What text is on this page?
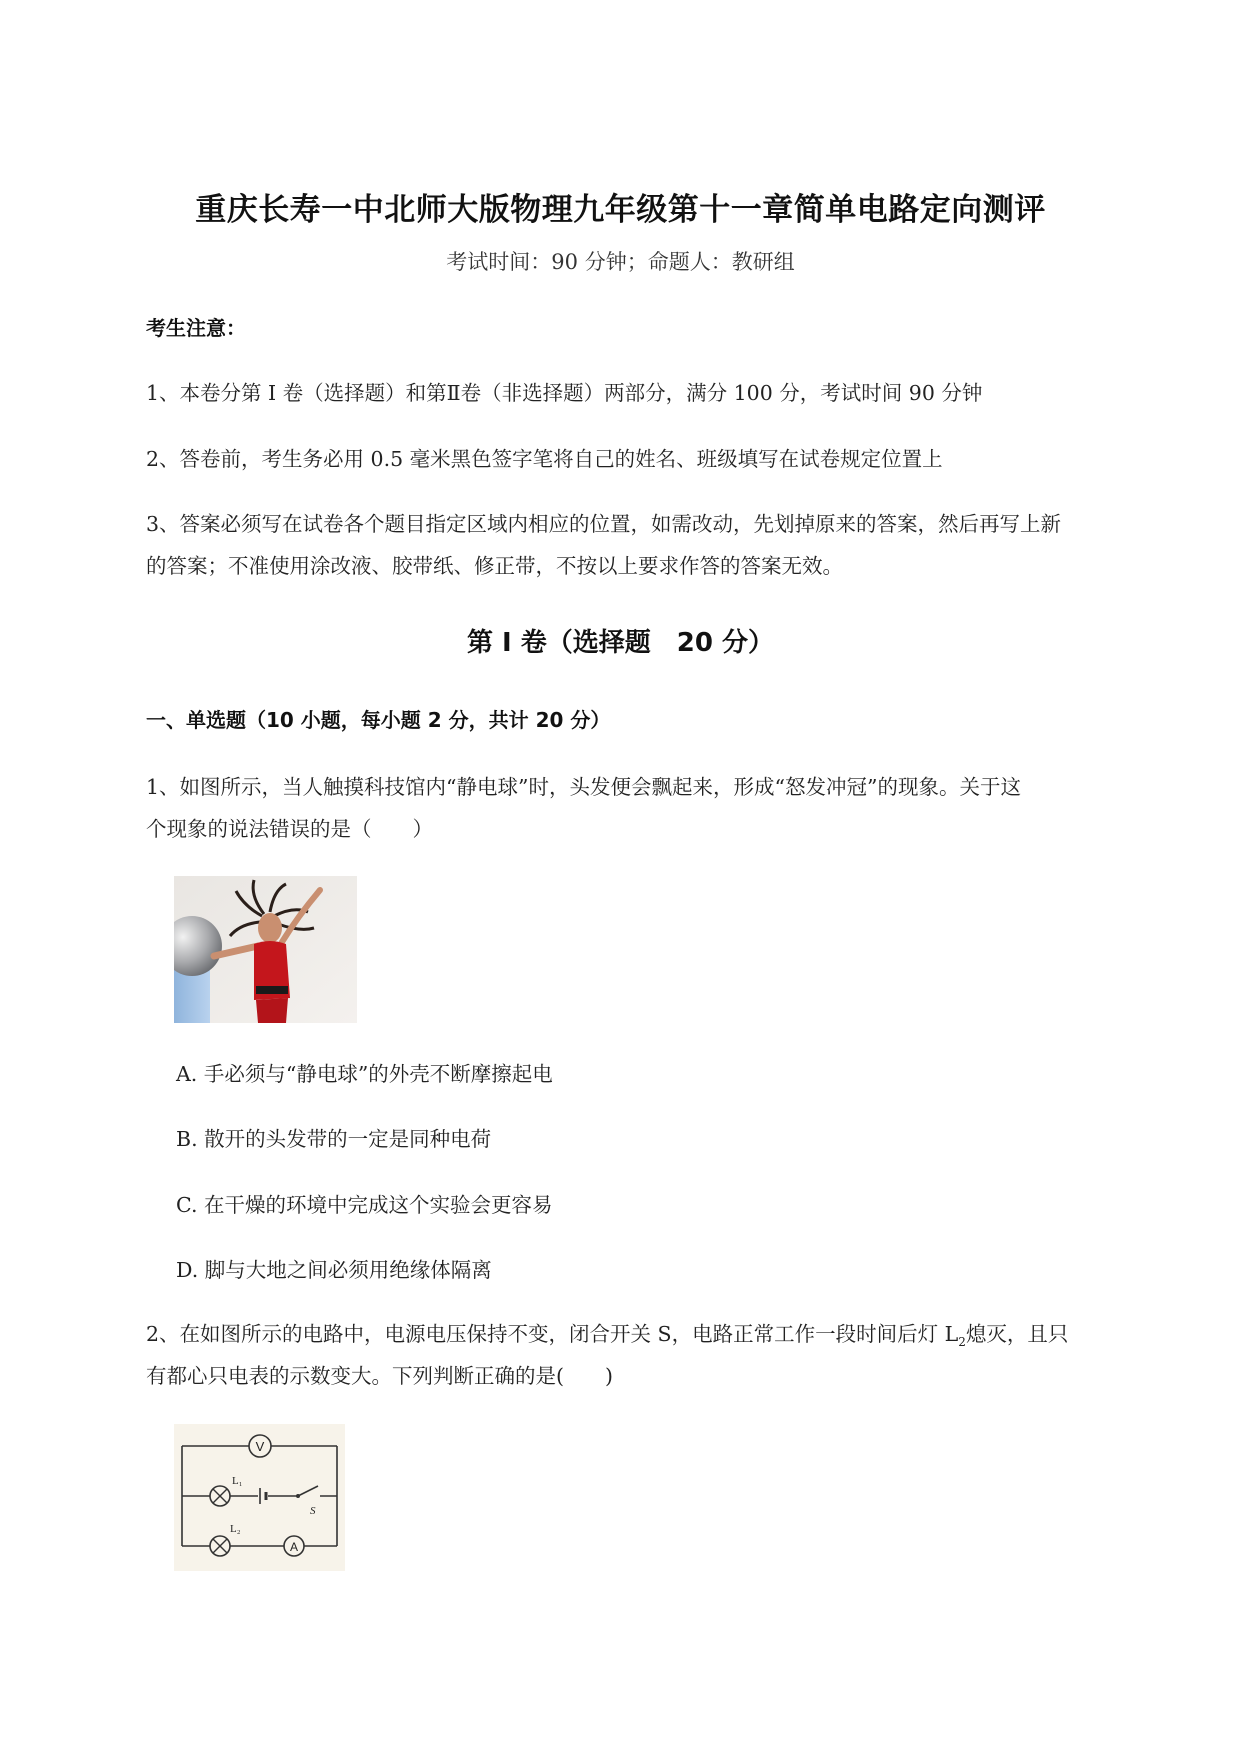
重庆长寿一中北师大版物理九年级第十一章简单电路定向测评
考试时间：90 分钟；命题人：教研组
考生注意：
1、本卷分第 I 卷（选择题）和第Ⅱ卷（非选择题）两部分，满分 100 分，考试时间 90 分钟
2、答卷前，考生务必用 0.5 毫米黑色签字笔将自己的姓名、班级填写在试卷规定位置上
3、答案必须写在试卷各个题目指定区域内相应的位置，如需改动，先划掉原来的答案，然后再写上新
的答案；不准使用涂改液、胶带纸、修正带，不按以上要求作答的答案无效。
第 I 卷（选择题　20 分）
一、单选题（10 小题，每小题 2 分，共计 20 分）
1、如图所示，当人触摸科技馆内“静电球”时，头发便会飘起来，形成“怒发冲冠”的现象。关于这
个现象的说法错误的是（　　）
A. 手必须与“静电球”的外壳不断摩擦起电
B. 散开的头发带的一定是同种电荷
C. 在干燥的环境中完成这个实验会更容易
D. 脚与大地之间必须用绝缘体隔离
2、在如图所示的电路中，电源电压保持不变，闭合开关 S，电路正常工作一段时间后灯 $L_2$熄灭，且只
有都心只电表的示数变大。下列判断正确的是(　　)
V
L₁
S
L₂
A
